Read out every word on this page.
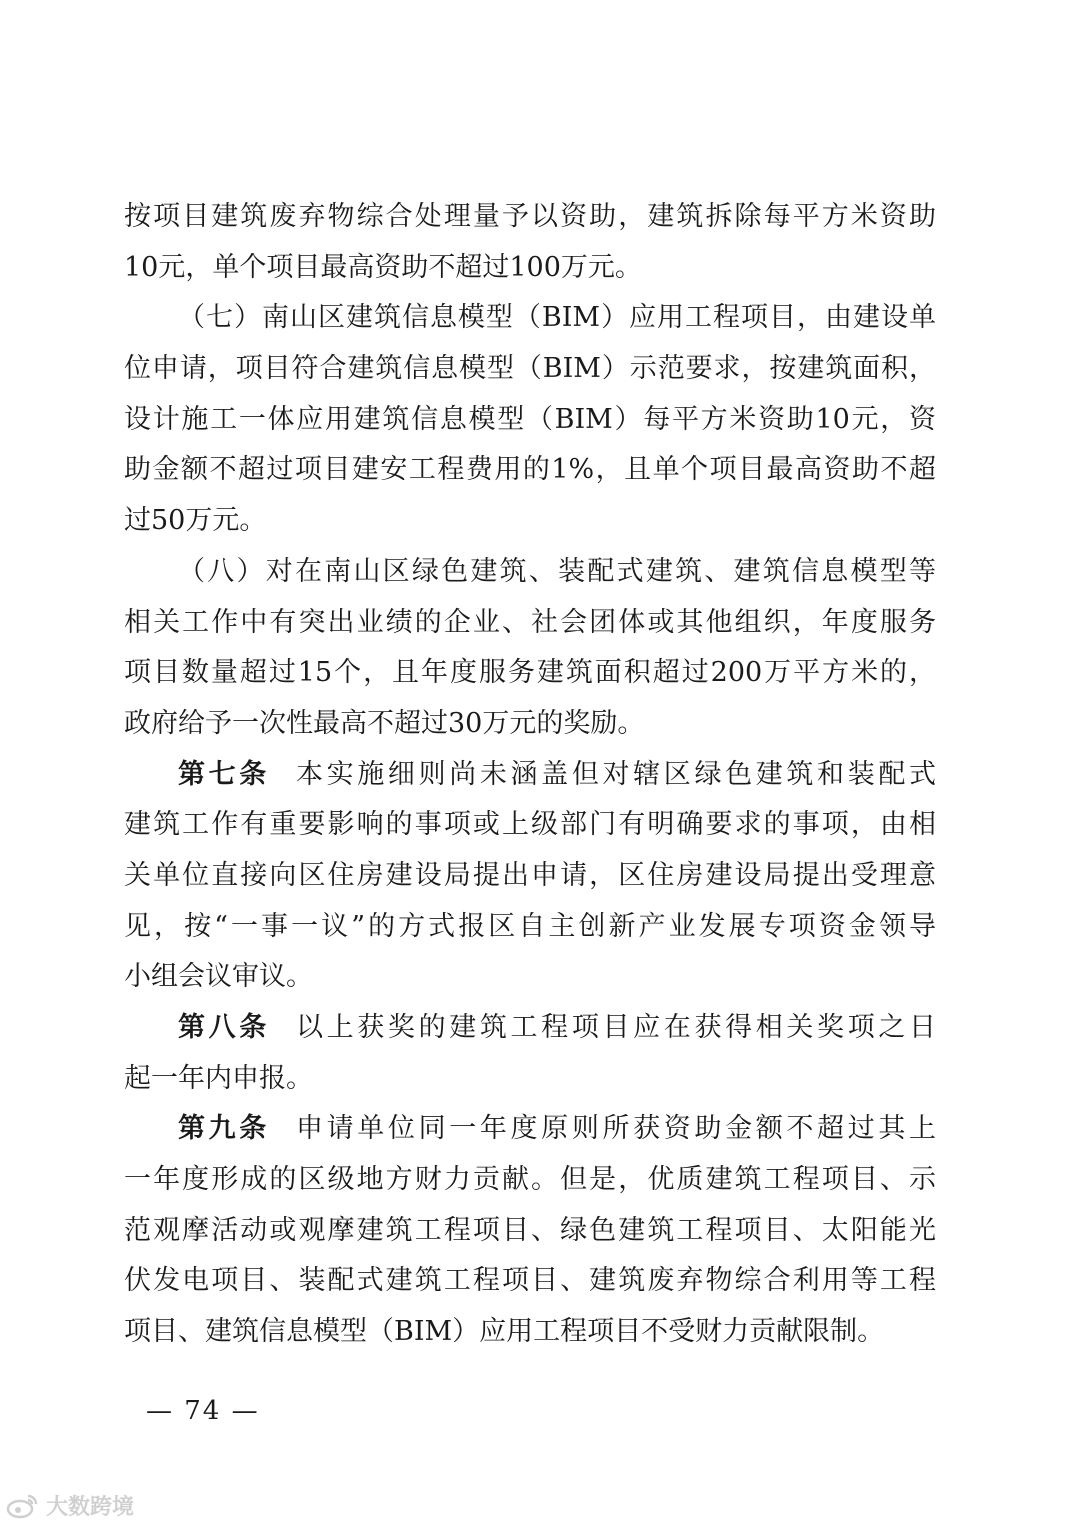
按项目建筑废弃物综合处理量予以资助，建筑拆除每平方米资助
10元，单个项目最高资助不超过100万元。
（七）南山区建筑信息模型（BIM）应用工程项目，由建设单
位申请，项目符合建筑信息模型（BIM）示范要求，按建筑面积，
设计施工一体应用建筑信息模型（BIM）每平方米资助10元，资
助金额不超过项目建安工程费用的1%，且单个项目最高资助不超
过50万元。
（八）对在南山区绿色建筑、装配式建筑、建筑信息模型等
相关工作中有突出业绩的企业、社会团体或其他组织，年度服务
项目数量超过15个，且年度服务建筑面积超过200万平方米的，
政府给予一次性最高不超过30万元的奖励。
第七条 本实施细则尚未涵盖但对辖区绿色建筑和装配式
建筑工作有重要影响的事项或上级部门有明确要求的事项，由相
关单位直接向区住房建设局提出申请，区住房建设局提出受理意
见，按“一事一议”的方式报区自主创新产业发展专项资金领导
小组会议审议。
第八条 以上获奖的建筑工程项目应在获得相关奖项之日
起一年内申报。
第九条 申请单位同一年度原则所获资助金额不超过其上
一年度形成的区级地方财力贡献。但是，优质建筑工程项目、示
范观摩活动或观摩建筑工程项目、绿色建筑工程项目、太阳能光
伏发电项目、装配式建筑工程项目、建筑废弃物综合利用等工程
项目、建筑信息模型（BIM）应用工程项目不受财力贡献限制。
— 74 —
大数跨境
